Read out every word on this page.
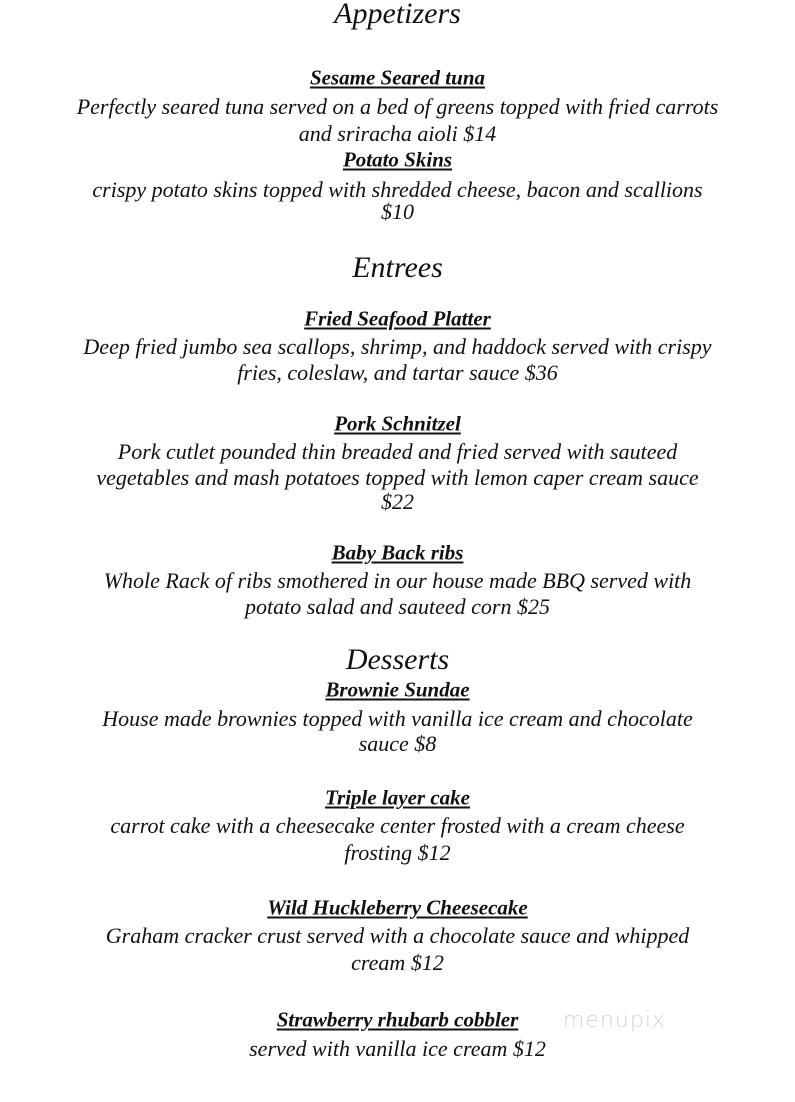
Appetizers
Sesame Seared tuna
Perfectly seared tuna served on a bed of greens topped with fried carrots
and sriracha aioli $14
Potato Skins
crispy potato skins topped with shredded cheese, bacon and scallions
$10
Entrees
Fried Seafood Platter
Deep fried jumbo sea scallops, shrimp, and haddock served with crispy
fries, coleslaw, and tartar sauce $36
Pork Schnitzel
Pork cutlet pounded thin breaded and fried served with sauteed
vegetables and mash potatoes topped with lemon caper cream sauce
$22
Baby Back ribs
Whole Rack of ribs smothered in our house made BBQ served with
potato salad and sauteed corn $25
Desserts
Brownie Sundae
House made brownies topped with vanilla ice cream and chocolate
sauce $8
Triple layer cake
carrot cake with a cheesecake center frosted with a cream cheese
frosting $12
Wild Huckleberry Cheesecake
Graham cracker crust served with a chocolate sauce and whipped
cream $12
Strawberry rhubarb cobbler
served with vanilla ice cream $12
menupix
